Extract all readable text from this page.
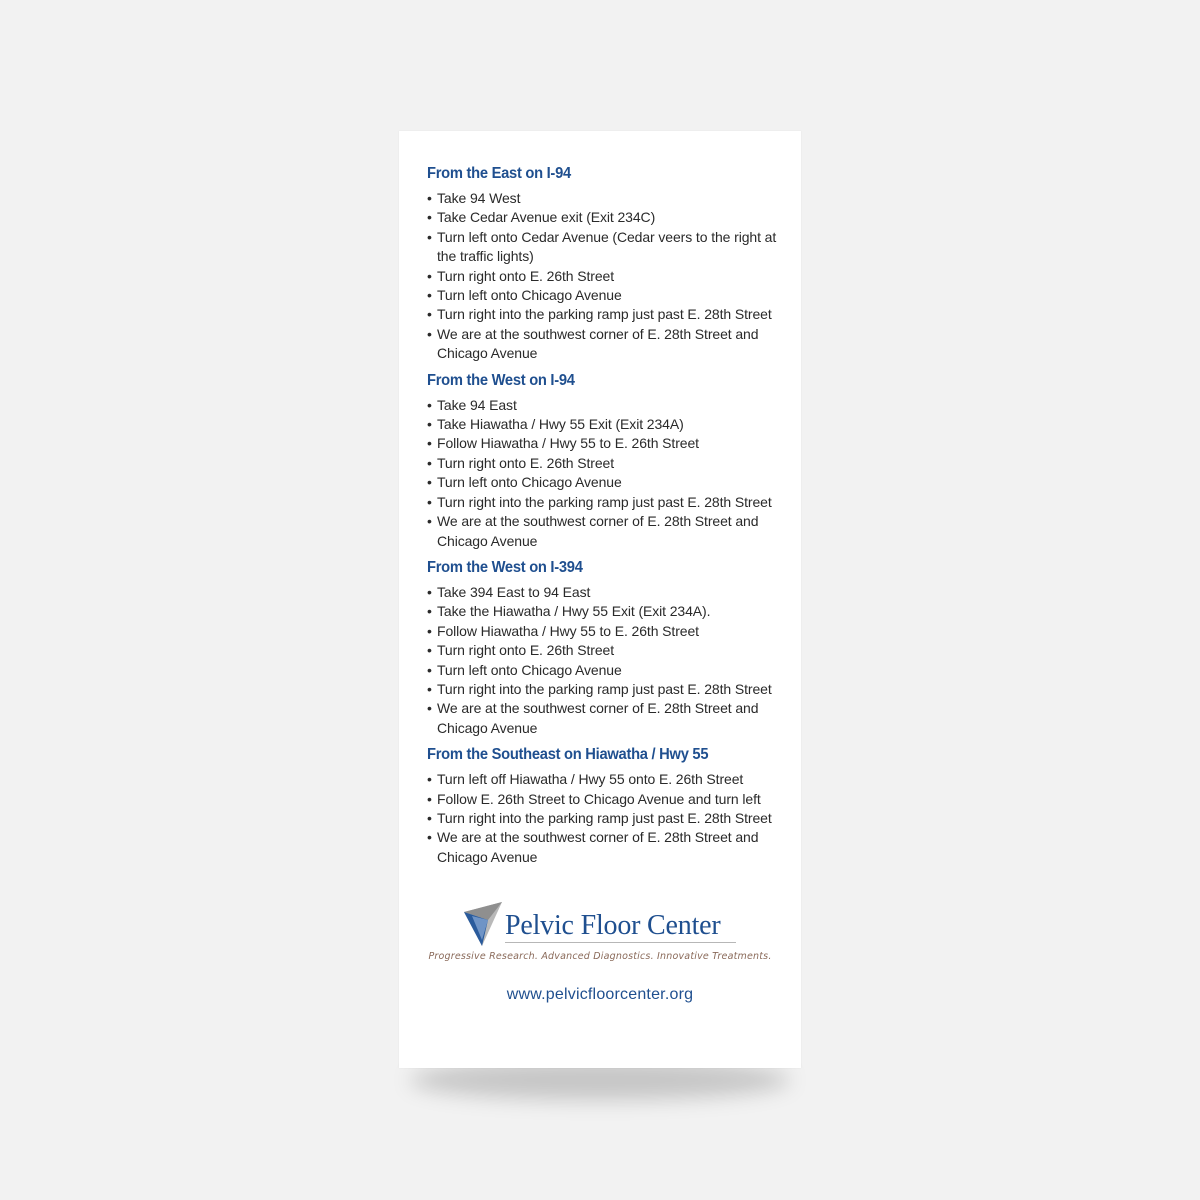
From the East on I-94
• Take 94 West
• Take Cedar Avenue exit (Exit 234C)
• Turn left onto Cedar Avenue (Cedar veers to the right at the traffic lights)
• Turn right onto E. 26th Street
• Turn left onto Chicago Avenue
• Turn right into the parking ramp just past E. 28th Street
• We are at the southwest corner of E. 28th Street and Chicago Avenue
From the West on I-94
• Take 94 East
• Take Hiawatha / Hwy 55 Exit (Exit 234A)
• Follow Hiawatha / Hwy 55 to E. 26th Street
• Turn right onto E. 26th Street
• Turn left onto Chicago Avenue
• Turn right into the parking ramp just past E. 28th Street
• We are at the southwest corner of E. 28th Street and Chicago Avenue
From the West on I-394
• Take 394 East to 94 East
• Take the Hiawatha / Hwy 55 Exit (Exit 234A).
• Follow Hiawatha / Hwy 55 to E. 26th Street
• Turn right onto E. 26th Street
• Turn left onto Chicago Avenue
• Turn right into the parking ramp just past E. 28th Street
• We are at the southwest corner of E. 28th Street and Chicago Avenue
From the Southeast on Hiawatha / Hwy 55
• Turn left off Hiawatha / Hwy 55 onto E. 26th Street
• Follow E. 26th Street to Chicago Avenue and turn left
• Turn right into the parking ramp just past E. 28th Street
• We are at the southwest corner of E. 28th Street and Chicago Avenue
Pelvic Floor Center
Progressive Research. Advanced Diagnostics. Innovative Treatments.
www.pelvicfloorcenter.org
